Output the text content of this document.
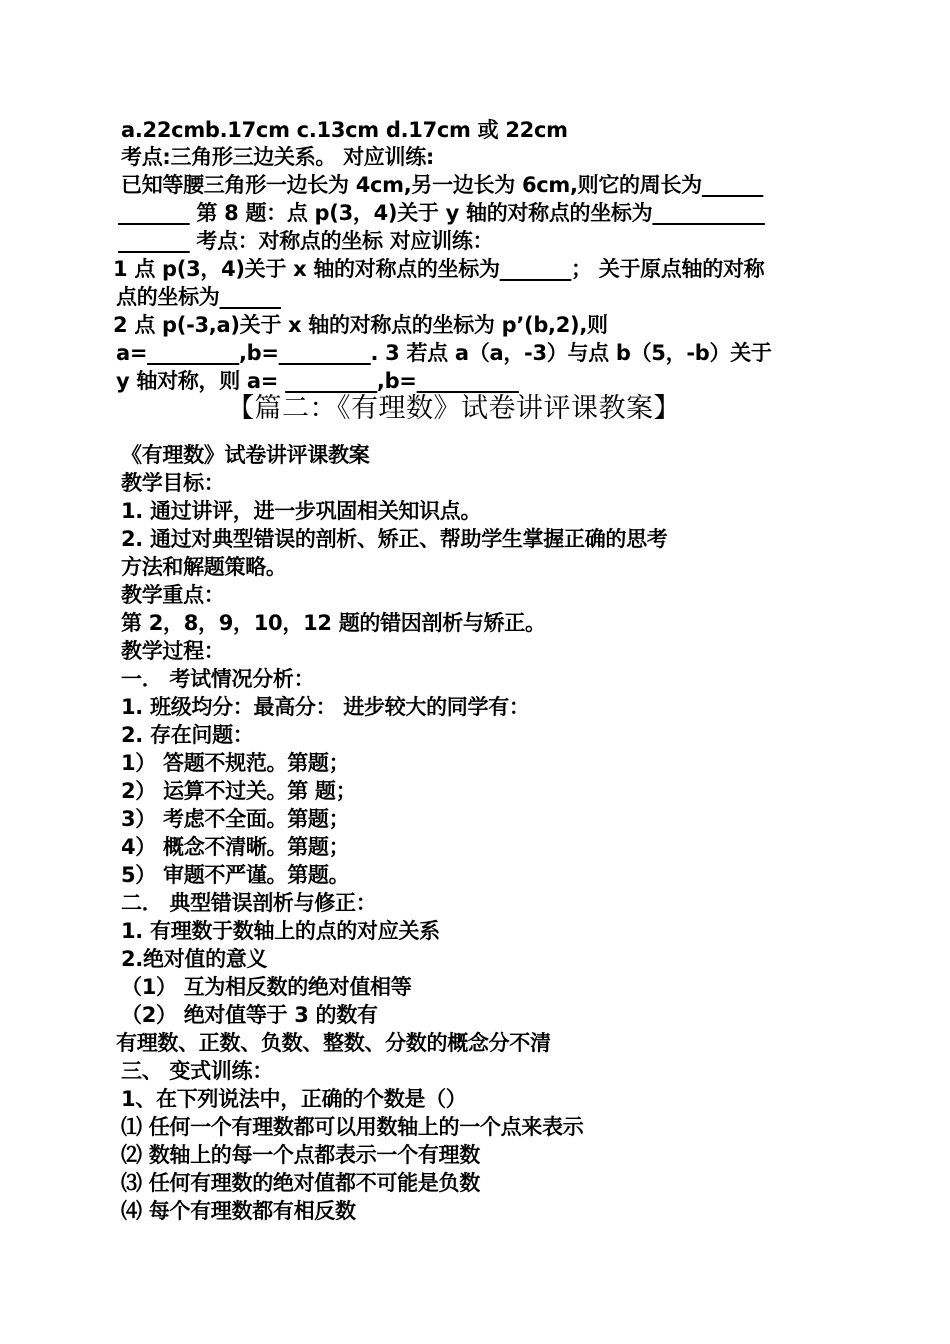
a.22cmb.17cm c.13cm d.17cm 或 22cm
考点:三角形三边关系。 对应训练:
已知等腰三角形一边长为 4cm,另一边长为 6cm,则它的周长为______
_______ 第 8 题：点 p(3，4)关于 y 轴的对称点的坐标为___________
_______ 考点：对称点的坐标 对应训练：
1 点 p(3，4)关于 x 轴的对称点的坐标为_______； 关于原点轴的对称
点的坐标为______
2 点 p(-3,a)关于 x 轴的对称点的坐标为 p’(b,2),则
a=_________,b=_________. 3 若点 a（a，-3）与点 b（5，-b）关于
y 轴对称，则 a= _________,b=__________
【篇二：《有理数》试卷讲评课教案】
《有理数》试卷讲评课教案
教学目标：
1. 通过讲评，进一步巩固相关知识点。
2. 通过对典型错误的剖析、矫正、帮助学生掌握正确的思考
方法和解题策略。
教学重点：
第 2，8，9，10，12 题的错因剖析与矫正。
教学过程：
一． 考试情况分析：
1. 班级均分：最高分： 进步较大的同学有：
2. 存在问题：
1） 答题不规范。第题；
2） 运算不过关。第 题；
3） 考虑不全面。第题；
4） 概念不清晰。第题；
5） 审题不严谨。第题。
二． 典型错误剖析与修正：
1. 有理数于数轴上的点的对应关系
2.绝对值的意义
（1） 互为相反数的绝对值相等
（2） 绝对值等于 3 的数有
有理数、正数、负数、整数、分数的概念分不清
三、 变式训练：
1、在下列说法中，正确的个数是（）
⑴ 任何一个有理数都可以用数轴上的一个点来表示
⑵ 数轴上的每一个点都表示一个有理数
⑶ 任何有理数的绝对值都不可能是负数
⑷ 每个有理数都有相反数
